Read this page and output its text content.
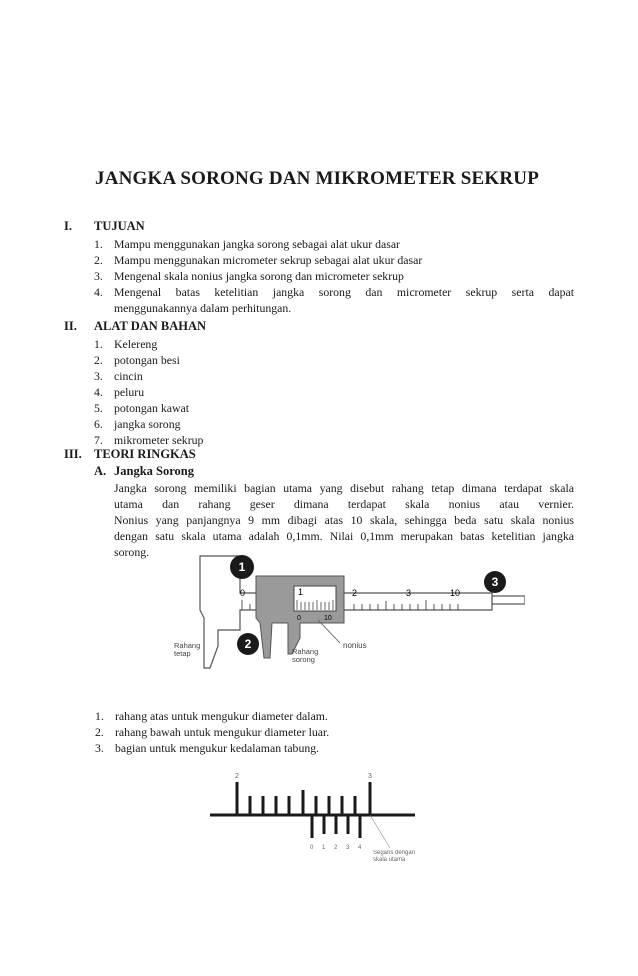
JANGKA SORONG DAN MIKROMETER SEKRUP
I.	TUJUAN
1. Mampu menggunakan jangka sorong sebagai alat ukur dasar
2. Mampu menggunakan micrometer sekrup sebagai alat ukur dasar
3. Mengenal skala nonius jangka sorong dan micrometer sekrup
4. Mengenal batas ketelitian jangka sorong dan micrometer sekrup serta dapat
menggunakannya dalam perhitungan.
II.	ALAT DAN BAHAN
1. Kelereng
2. potongan besi
3. cincin
4. peluru
5. potongan kawat
6. jangka sorong
7. mikrometer sekrup
III. TEORI RINGKAS
A. Jangka Sorong
Jangka sorong memiliki bagian utama yang disebut rahang tetap dimana terdapat skala
utama dan rahang geser dimana terdapat skala nonius atau vernier.
Nonius yang panjangnya 9 mm dibagi atas 10 skala, sehingga beda satu skala nonius
dengan satu skala utama adalah 0,1mm. Nilai 0,1mm merupakan batas ketelitian jangka
sorong.
0	1	2	3	10
0	10
1
2
3
nonius
Rahang tetap	Rahang sorong
1. rahang atas untuk mengukur diameter dalam.
2. rahang bawah untuk mengukur diameter luar.
3. bagian untuk mengukur kedalaman tabung.
2	3
0 1 2 3 4
Segaris dengan skala utama
